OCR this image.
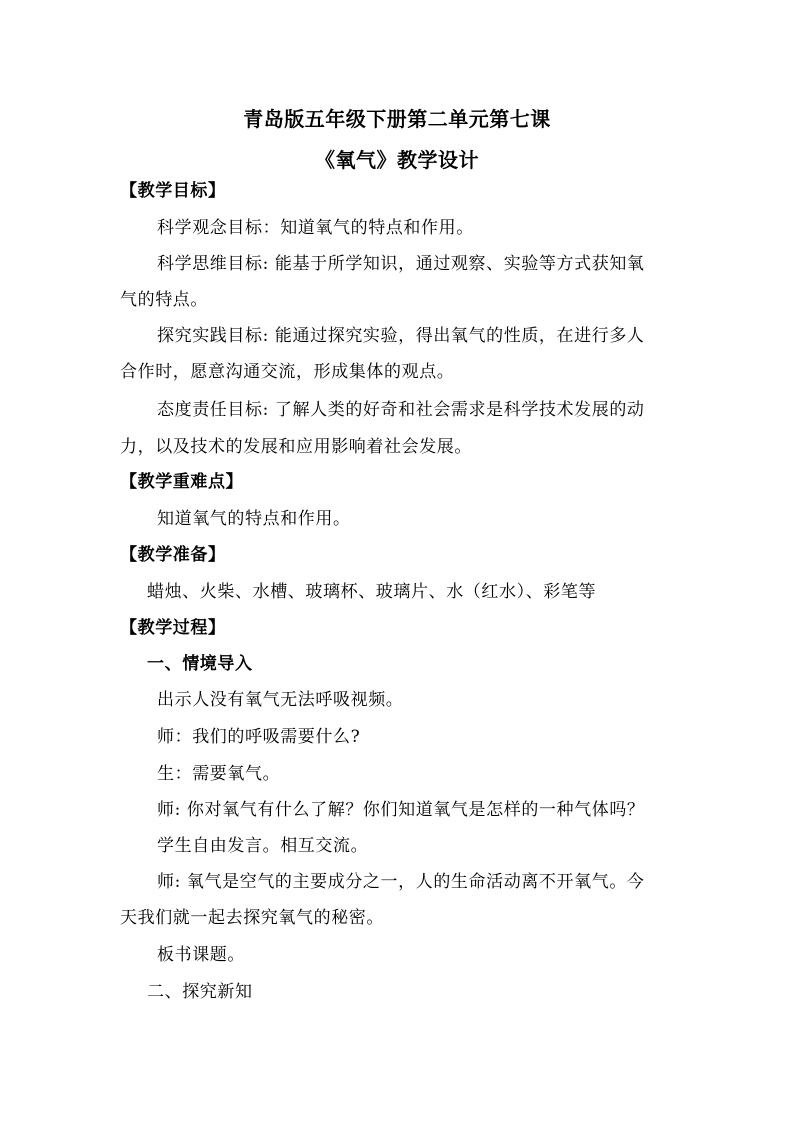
青岛版五年级下册第二单元第七课
《氧气》教学设计
【教学目标】
科学观念目标：知道氧气的特点和作用。
科学思维目标: 能基于所学知识，通过观察、实验等方式获知氧
气的特点。
探究实践目标: 能通过探究实验，得出氧气的性质，在进行多人
合作时，愿意沟通交流，形成集体的观点。
态度责任目标: 了解人类的好奇和社会需求是科学技术发展的动
力，以及技术的发展和应用影响着社会发展。
【教学重难点】
知道氧气的特点和作用。
【教学准备】
蜡烛、火柴、水槽、玻璃杯、玻璃片、水（红水）、彩笔等
【教学过程】
一、情境导入
出示人没有氧气无法呼吸视频。
师：我们的呼吸需要什么?
生：需要氧气。
师: 你对氧气有什么了解？你们知道氧气是怎样的一种气体吗？
学生自由发言。相互交流。
师: 氧气是空气的主要成分之一，人的生命活动离不开氧气。今
天我们就一起去探究氧气的秘密。
板书课题。
二、探究新知
